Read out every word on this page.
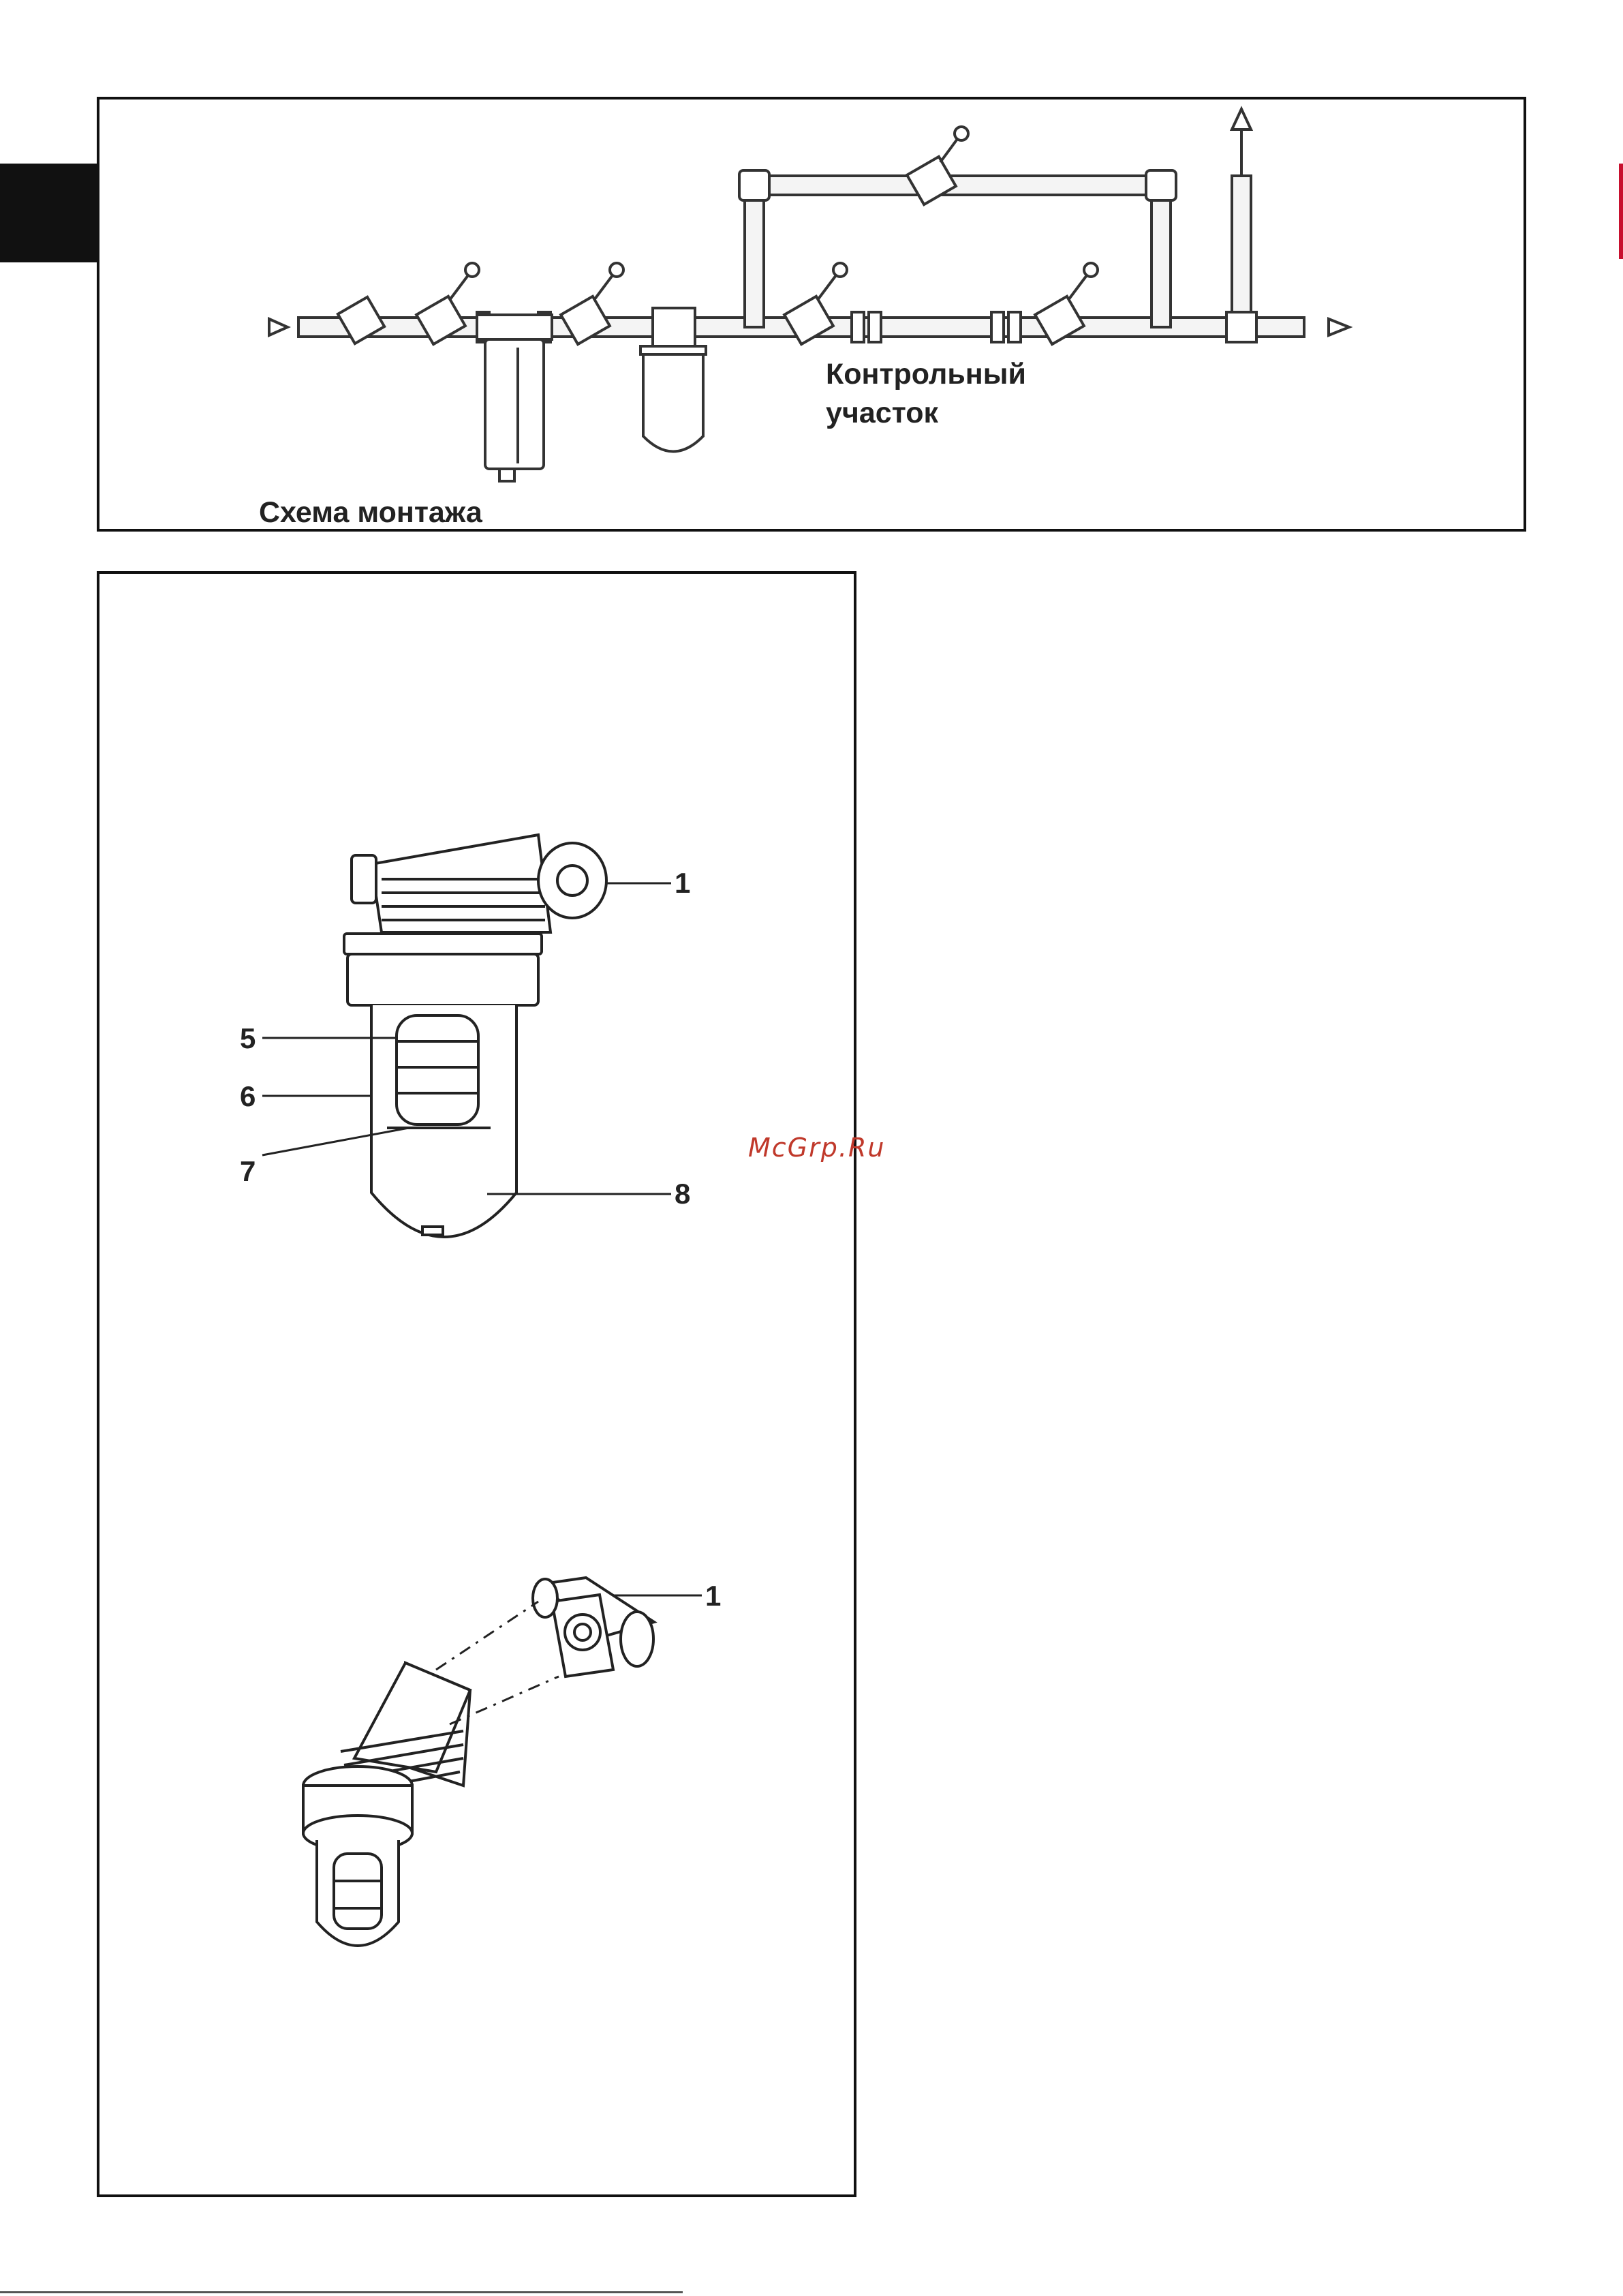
Контрольный
участок
Схема монтажа
1
5
6
7
8
McGrp.Ru
1
